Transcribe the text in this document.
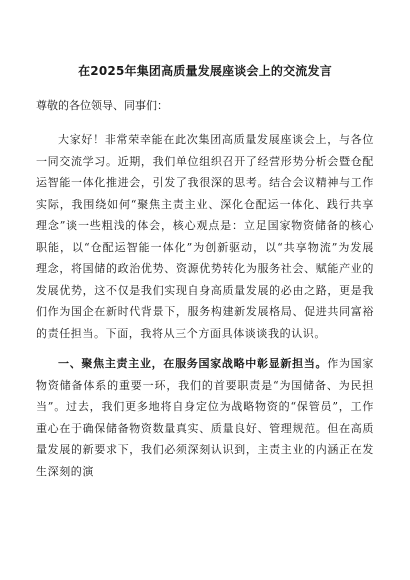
在2025年集团高质量发展座谈会上的交流发言
尊敬的各位领导、同事们：

大家好！非常荣幸能在此次集团高质量发展座谈会上，与各位一同交流学习。近期，我们单位组织召开了经营形势分析会暨仓配运智能一体化推进会，引发了我很深的思考。结合会议精神与工作实际，我围绕如何“聚焦主责主业、深化仓配运一体化、践行共享理念”谈一些粗浅的体会，核心观点是：立足国家物资储备的核心职能，以“仓配运智能一体化”为创新驱动，以“共享物流”为发展理念，将国储的政治优势、资源优势转化为服务社会、赋能产业的发展优势，这不仅是我们实现自身高质量发展的必由之路，更是我们作为国企在新时代背景下，服务构建新发展格局、促进共同富裕的责任担当。下面，我将从三个方面具体谈谈我的认识。

一、聚焦主责主业，在服务国家战略中彰显新担当。作为国家物资储备体系的重要一环，我们的首要职责是“为国储备、为民担当”。过去，我们更多地将自身定位为战略物资的“保管员”，工作重心在于确保储备物资数量真实、质量良好、管理规范。但在高质量发展的新要求下，我们必须深刻认识到，主责主业的内涵正在发生深刻的演
